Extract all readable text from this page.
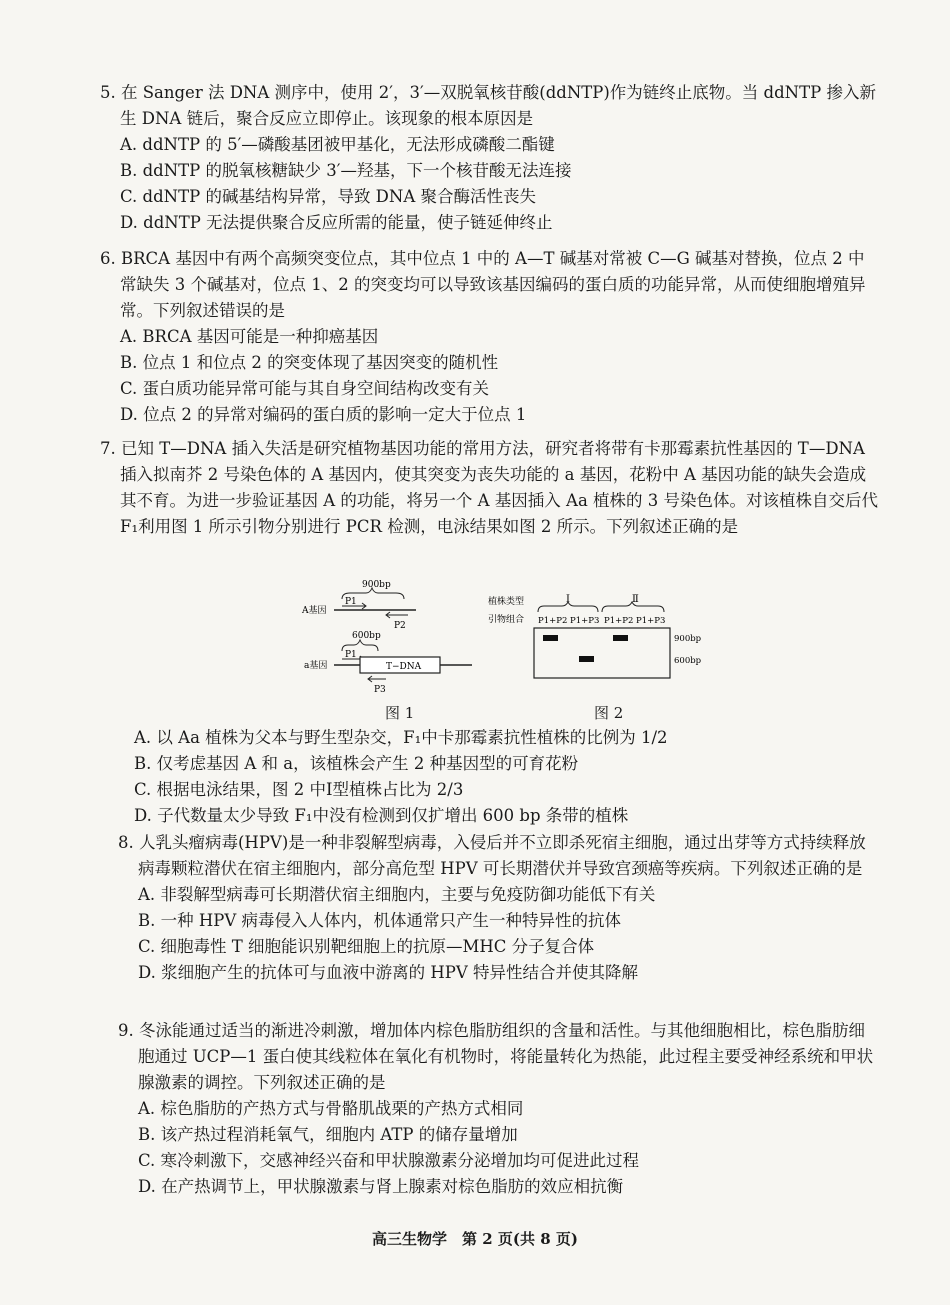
5. 在 Sanger 法 DNA 测序中，使用 2′，3′—双脱氧核苷酸(ddNTP)作为链终止底物。当 ddNTP 掺入新生 DNA 链后，聚合反应立即停止。该现象的根本原因是

A. ddNTP 的 5′—磷酸基团被甲基化，无法形成磷酸二酯键

B. ddNTP 的脱氧核糖缺少 3′—羟基，下一个核苷酸无法连接

C. ddNTP 的碱基结构异常，导致 DNA 聚合酶活性丧失

D. ddNTP 无法提供聚合反应所需的能量，使子链延伸终止

6. BRCA 基因中有两个高频突变位点，其中位点 1 中的 A—T 碱基对常被 C—G 碱基对替换，位点 2 中常缺失 3 个碱基对，位点 1、2 的突变均可以导致该基因编码的蛋白质的功能异常，从而使细胞增殖异常。下列叙述错误的是

A. BRCA 基因可能是一种抑癌基因

B. 位点 1 和位点 2 的突变体现了基因突变的随机性

C. 蛋白质功能异常可能与其自身空间结构改变有关

D. 位点 2 的异常对编码的蛋白质的影响一定大于位点 1

7. 已知 T—DNA 插入失活是研究植物基因功能的常用方法，研究者将带有卡那霉素抗性基因的 T—DNA插入拟南芥 2 号染色体的 A 基因内，使其突变为丧失功能的 a 基因，花粉中 A 基因功能的缺失会造成其不育。为进一步验证基因 A 的功能，将另一个 A 基因插入 Aa 植株的 3 号染色体。对该植株自交后代 F₁利用图 1 所示引物分别进行 PCR 检测，电泳结果如图 2 所示。下列叙述正确的是

900bp
P1
A基因
P2
600bp
P1
a基因	T−DNA
P3
图 1
植株类型
引物组合
Ⅰ	Ⅱ
P1+P2 P1+P3 P1+P2 P1+P3
900bp
600bp
图 2

A. 以 Aa 植株为父本与野生型杂交，F₁中卡那霉素抗性植株的比例为 1/2

B. 仅考虑基因 A 和 a，该植株会产生 2 种基因型的可育花粉

C. 根据电泳结果，图 2 中Ⅰ型植株占比为 2/3

D. 子代数量太少导致 F₁中没有检测到仅扩增出 600 bp 条带的植株

8. 人乳头瘤病毒(HPV)是一种非裂解型病毒，入侵后并不立即杀死宿主细胞，通过出芽等方式持续释放病毒颗粒潜伏在宿主细胞内，部分高危型 HPV 可长期潜伏并导致宫颈癌等疾病。下列叙述正确的是

A. 非裂解型病毒可长期潜伏宿主细胞内，主要与免疫防御功能低下有关

B. 一种 HPV 病毒侵入人体内，机体通常只产生一种特异性的抗体

C. 细胞毒性 T 细胞能识别靶细胞上的抗原—MHC 分子复合体

D. 浆细胞产生的抗体可与血液中游离的 HPV 特异性结合并使其降解

9. 冬泳能通过适当的渐进冷刺激，增加体内棕色脂肪组织的含量和活性。与其他细胞相比，棕色脂肪细胞通过 UCP—1 蛋白使其线粒体在氧化有机物时，将能量转化为热能，此过程主要受神经系统和甲状腺激素的调控。下列叙述正确的是

A. 棕色脂肪的产热方式与骨骼肌战栗的产热方式相同

B. 该产热过程消耗氧气，细胞内 ATP 的储存量增加

C. 寒冷刺激下，交感神经兴奋和甲状腺激素分泌增加均可促进此过程

D. 在产热调节上，甲状腺激素与肾上腺素对棕色脂肪的效应相抗衡

高三生物学　第 2 页(共 8 页)
